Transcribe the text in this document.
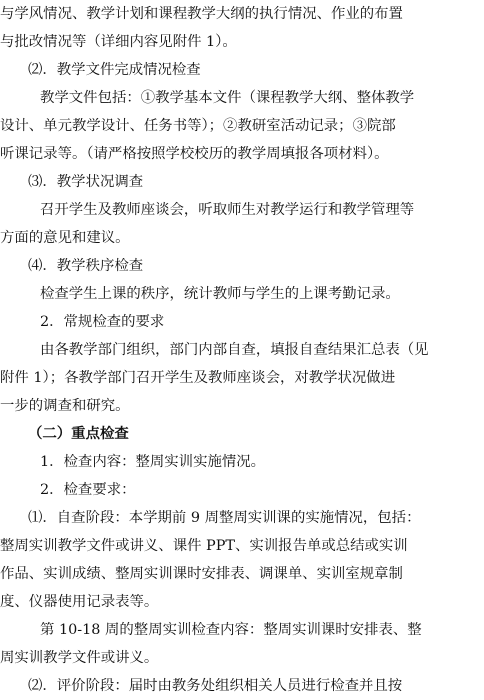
与学风情况、教学计划和课程教学大纲的执行情况、作业的布置
与批改情况等（详细内容见附件 1）。
⑵．教学文件完成情况检查
教学文件包括：①教学基本文件（课程教学大纲、整体教学
设计、单元教学设计、任务书等）；②教研室活动记录；③院部
听课记录等。（请严格按照学校校历的教学周填报各项材料）。
⑶．教学状况调查
召开学生及教师座谈会，听取师生对教学运行和教学管理等
方面的意见和建议。
⑷．教学秩序检查
检查学生上课的秩序，统计教师与学生的上课考勤记录。
2．常规检查的要求
由各教学部门组织，部门内部自查，填报自查结果汇总表（见
附件 1）；各教学部门召开学生及教师座谈会，对教学状况做进
一步的调查和研究。
（二）重点检查
1．检查内容：整周实训实施情况。
2．检查要求：
⑴．自查阶段：本学期前 9 周整周实训课的实施情况，包括：
整周实训教学文件或讲义、课件 PPT、实训报告单或总结或实训
作品、实训成绩、整周实训课时安排表、调课单、实训室规章制
度、仪器使用记录表等。
第 10-18 周的整周实训检查内容：整周实训课时安排表、整
周实训教学文件或讲义。
⑵．评价阶段：届时由教务处组织相关人员进行检查并且按
